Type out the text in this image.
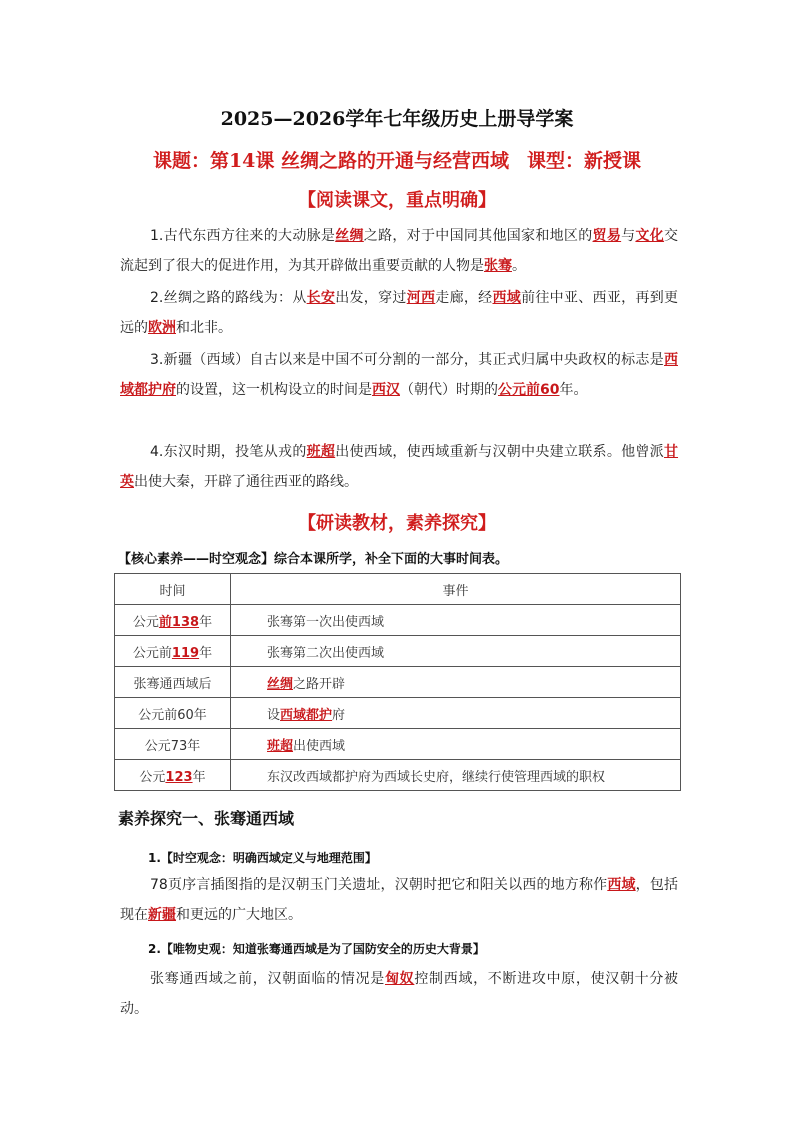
2025—2026学年七年级历史上册导学案
课题：第14课 丝绸之路的开通与经营西域 课型：新授课
【阅读课文，重点明确】
1.古代东西方往来的大动脉是丝绸之路，对于中国同其他国家和地区的贸易与文化交流起到了很大的促进作用，为其开辟做出重要贡献的人物是张骞。
2.丝绸之路的路线为：从长安出发，穿过河西走廊，经西域前往中亚、西亚，再到更远的欧洲和北非。
3.新疆（西域）自古以来是中国不可分割的一部分，其正式归属中央政权的标志是西域都护府的设置，这一机构设立的时间是西汉（朝代）时期的公元前60年。
4.东汉时期，投笔从戎的班超出使西域，使西域重新与汉朝中央建立联系。他曾派甘英出使大秦，开辟了通往西亚的路线。
【研读教材，素养探究】
【核心素养——时空观念】综合本课所学，补全下面的大事时间表。
时间	事件
公元前138年	张骞第一次出使西域
公元前119年	张骞第二次出使西域
张骞通西域后	丝绸之路开辟
公元前60年	设西域都护府
公元73年	班超出使西域
公元123年	东汉改西域都护府为西域长史府，继续行使管理西域的职权
素养探究一、张骞通西域
1.【时空观念：明确西域定义与地理范围】
78页序言插图指的是汉朝玉门关遗址，汉朝时把它和阳关以西的地方称作西域，包括现在新疆和更远的广大地区。
2.【唯物史观：知道张骞通西域是为了国防安全的历史大背景】
张骞通西域之前，汉朝面临的情况是匈奴控制西域，不断进攻中原，使汉朝十分被动。
